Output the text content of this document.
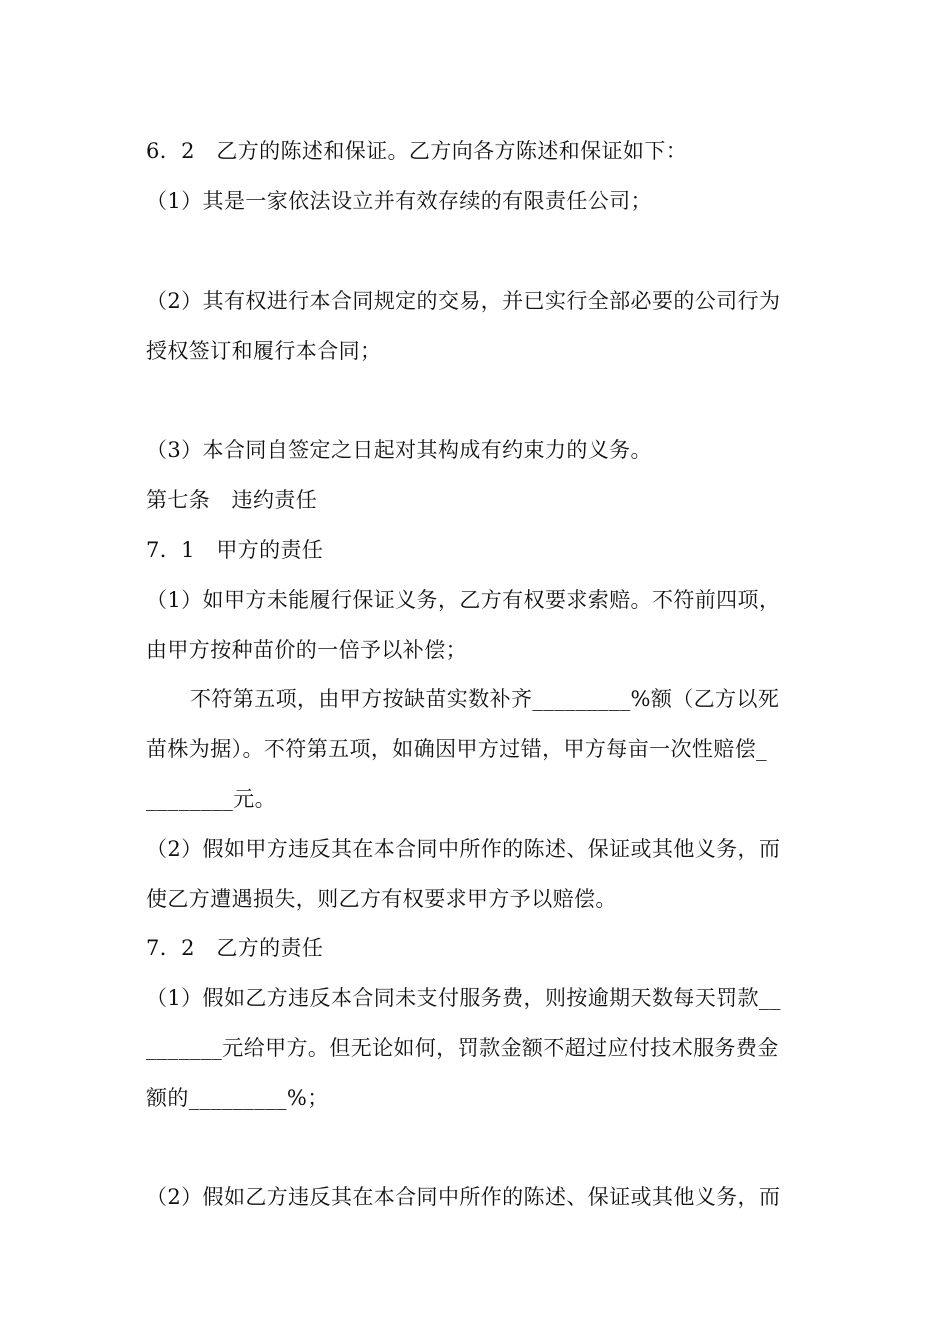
6．2　乙方的陈述和保证。乙方向各方陈述和保证如下：
（1）其是一家依法设立并有效存续的有限责任公司；
（2）其有权进行本合同规定的交易，并已实行全部必要的公司行为
授权签订和履行本合同；
（3）本合同自签定之日起对其构成有约束力的义务。
第七条　违约责任
7．1　甲方的责任
（1）如甲方未能履行保证义务，乙方有权要求索赔。不符前四项，
由甲方按种苗价的一倍予以补偿；
不符第五项，由甲方按缺苗实数补齐_________%额（乙方以死
苗株为据）。不符第五项，如确因甲方过错，甲方每亩一次性赔偿_
________元。
（2）假如甲方违反其在本合同中所作的陈述、保证或其他义务，而
使乙方遭遇损失，则乙方有权要求甲方予以赔偿。
7．2　乙方的责任
（1）假如乙方违反本合同未支付服务费，则按逾期天数每天罚款__
_______元给甲方。但无论如何，罚款金额不超过应付技术服务费金
额的_________%；
（2）假如乙方违反其在本合同中所作的陈述、保证或其他义务，而
